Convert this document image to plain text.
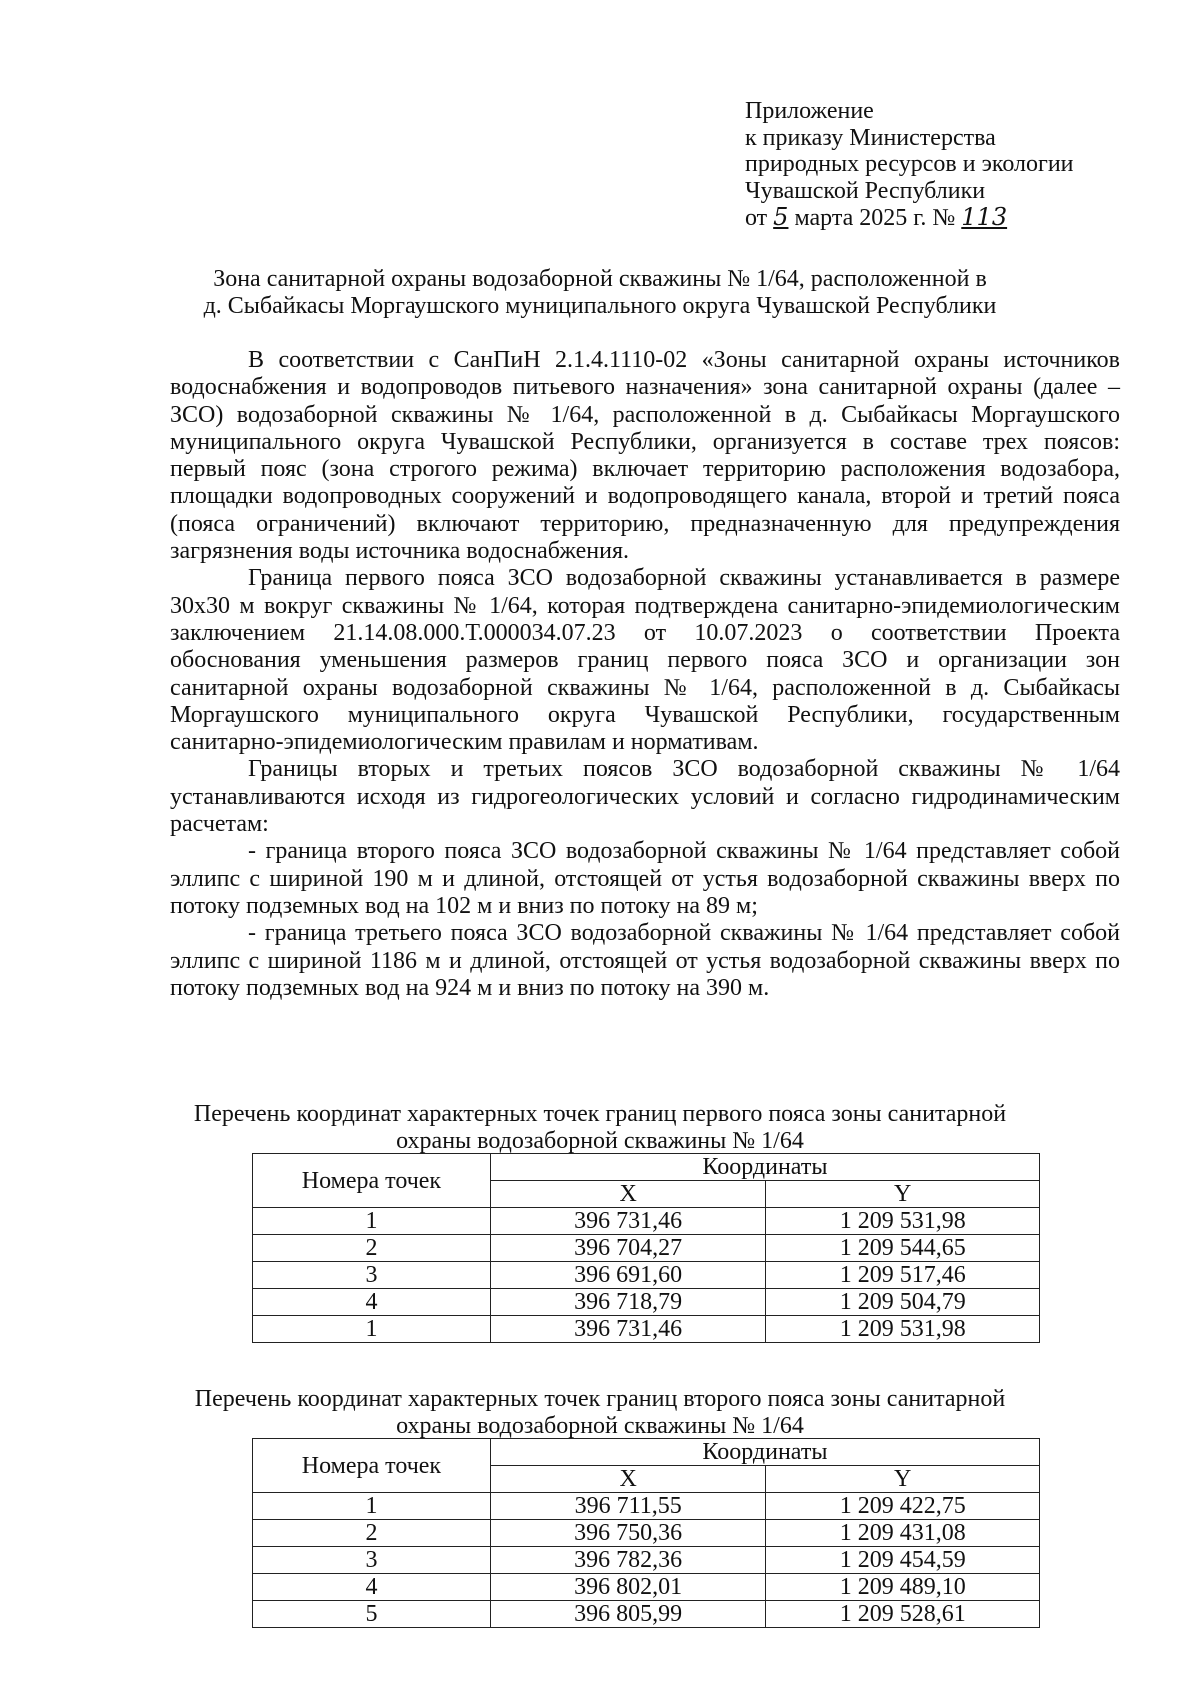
Приложение
к приказу Министерства
природных ресурсов и экологии
Чувашской Республики
от 5 марта 2025 г. № 113
Зона санитарной охраны водозаборной скважины № 1/64, расположенной в
д. Сыбайкасы Моргаушского муниципального округа Чувашской Республики

В соответствии с СанПиН 2.1.4.1110-02 «Зоны санитарной охраны источников водоснабжения и водопроводов питьевого назначения» зона санитарной охраны (далее – ЗСО) водозаборной скважины № 1/64, расположенной в д. Сыбайкасы Моргаушского муниципального округа Чувашской Республики, организуется в составе трех поясов: первый пояс (зона строгого режима) включает территорию расположения водозабора, площадки водопроводных сооружений и водопроводящего канала, второй и третий пояса (пояса ограничений) включают территорию, предназначенную для предупреждения загрязнения воды источника водоснабжения.

Граница первого пояса ЗСО водозаборной скважины устанавливается в размере 30х30 м вокруг скважины № 1/64, которая подтверждена санитарно-эпидемиологическим заключением 21.14.08.000.Т.000034.07.23 от 10.07.2023 о соответствии Проекта обоснования уменьшения размеров границ первого пояса ЗСО и организации зон санитарной охраны водозаборной скважины № 1/64, расположенной в д. Сыбайкасы Моргаушского муниципального округа Чувашской Республики, государственным санитарно-эпидемиологическим правилам и нормативам.

Границы вторых и третьих поясов ЗСО водозаборной скважины № 1/64 устанавливаются исходя из гидрогеологических условий и согласно гидродинамическим расчетам:

- граница второго пояса ЗСО водозаборной скважины № 1/64 представляет собой эллипс с шириной 190 м и длиной, отстоящей от устья водозаборной скважины вверх по потоку подземных вод на 102 м и вниз по потоку на 89 м;

- граница третьего пояса ЗСО водозаборной скважины № 1/64 представляет собой эллипс с шириной 1186 м и длиной, отстоящей от устья водозаборной скважины вверх по потоку подземных вод на 924 м и вниз по потоку на 390 м.

Перечень координат характерных точек границ первого пояса зоны санитарной
охраны водозаборной скважины № 1/64
Номера точек	Координаты	
	X	Y
1	396 731,46	1 209 531,98
2	396 704,27	1 209 544,65
3	396 691,60	1 209 517,46
4	396 718,79	1 209 504,79
1	396 731,46	1 209 531,98
Перечень координат характерных точек границ второго пояса зоны санитарной
охраны водозаборной скважины № 1/64
Номера точек	Координаты	
	X	Y
1	396 711,55	1 209 422,75
2	396 750,36	1 209 431,08
3	396 782,36	1 209 454,59
4	396 802,01	1 209 489,10
5	396 805,99	1 209 528,61
